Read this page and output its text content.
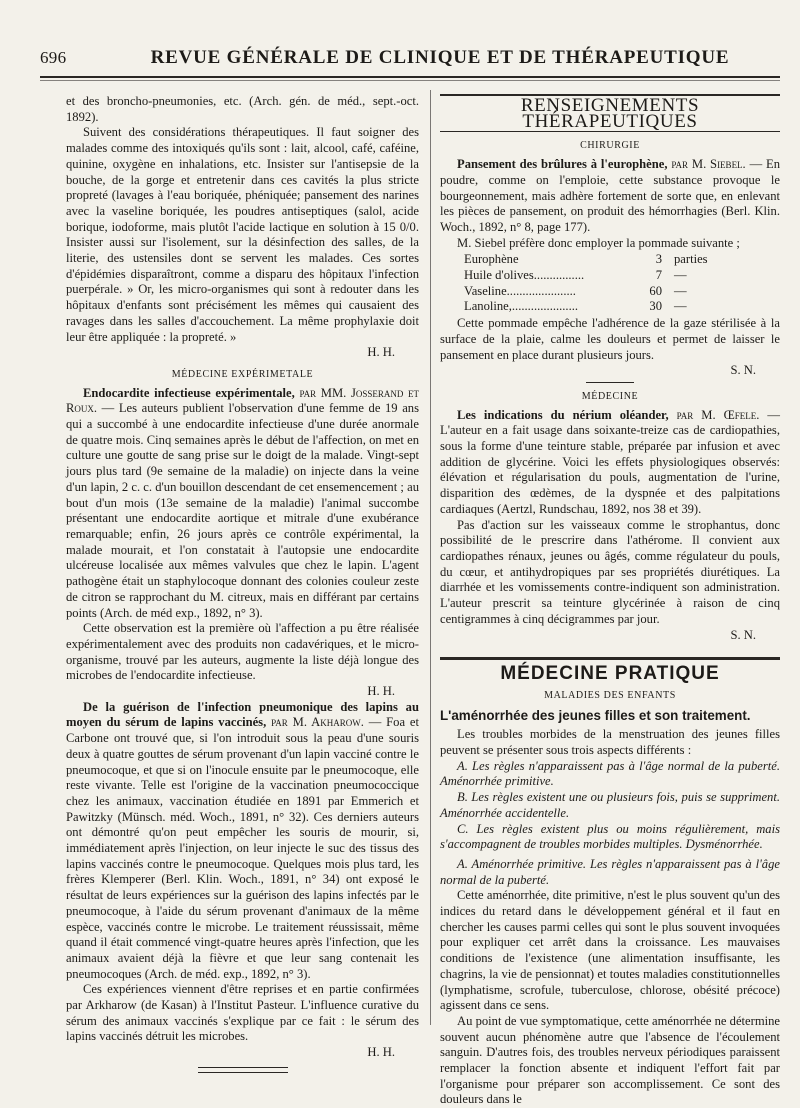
696	REVUE GÉNÉRALE DE CLINIQUE ET DE THÉRAPEUTIQUE

et des broncho-pneumonies, etc. (Arch. gén. de méd., sept.-oct. 1892).

Suivent des considérations thérapeutiques. Il faut soigner des malades comme des intoxiqués qu'ils sont : lait, alcool, café, caféine, quinine, oxygène en inhalations, etc. Insister sur l'antisepsie de la bouche, de la gorge et entretenir dans ces cavités la plus stricte propreté (lavages à l'eau boriquée, phéniquée; pansement des narines avec la vaseline boriquée, les poudres antiseptiques (salol, acide borique, iodoforme, mais plutôt l'acide lactique en solution à 15 0/0. Insister aussi sur l'isolement, sur la désinfection des salles, de la literie, des ustensiles dont se servent les malades. Ces sortes d'épidémies disparaîtront, comme a disparu des hôpitaux l'infection puerpérale. » Or, les micro-organismes qui sont à redouter dans les hôpitaux d'enfants sont précisément les mêmes qui causaient des ravages dans les salles d'accouchement. La même prophylaxie doit leur être appliquée : la propreté. »

H. H.

MÉDECINE EXPÉRIMETALE

Endocardite infectieuse expérimentale, par MM. Josserand et Roux. — Les auteurs publient l'observation d'une femme de 19 ans qui a succombé à une endocardite infectieuse d'une durée anormale de quatre mois. Cinq semaines après le début de l'affection, on met en culture une goutte de sang prise sur le doigt de la malade. Vingt-sept jours plus tard (9e semaine de la maladie) on injecte dans la veine d'un lapin, 2 c. c. d'un bouillon descendant de cet ensemencement ; au bout d'un mois (13e semaine de la maladie) l'animal succombe présentant une endocardite aortique et mitrale d'une exubérance remarquable; enfin, 26 jours après ce contrôle expérimental, la malade mourait, et l'on constatait à l'autopsie une endocardite ulcéreuse localisée aux mêmes valvules que chez le lapin. L'agent pathogène était un staphylocoque donnant des colonies couleur zeste de citron se rapprochant du M. citreux, mais en différant par certains points (Arch. de méd exp., 1892, n° 3).

Cette observation est la première où l'affection a pu être réalisée expérimentalement avec des produits non cadavériques, et le micro-organisme, trouvé par les auteurs, augmente la liste déjà longue des microbes de l'endocardite infectieuse.

H. H.

De la guérison de l'infection pneumonique des lapins au moyen du sérum de lapins vaccinés, par M. Akharow. — Foa et Carbone ont trouvé que, si l'on introduit sous la peau d'une souris deux à quatre gouttes de sérum provenant d'un lapin vacciné contre le pneumocoque, et que si on l'inocule ensuite par le pneumocoque, elle reste vivante. Telle est l'origine de la vaccination pneumococcique chez les animaux, vaccination étudiée en 1891 par Emmerich et Pawitzky (Münsch. méd. Woch., 1891, n° 32). Ces derniers auteurs ont démontré qu'on peut empêcher les souris de mourir, si, immédiatement après l'injection, on leur injecte le suc des tissus des lapins vaccinés contre le pneumocoque. Quelques mois plus tard, les frères Klemperer (Berl. Klin. Woch., 1891, n° 34) ont exposé le résultat de leurs expériences sur la guérison des lapins infectés par le pneumocoque, à l'aide du sérum provenant d'animaux de la même espèce, vaccinés contre le microbe. Le traitement réussissait, même quand il était commencé vingt-quatre heures après l'infection, que les animaux avaient déjà la fièvre et que leur sang contenait les pneumocoques (Arch. de méd. exp., 1892, n° 3).

Ces expériences viennent d'être reprises et en partie confirmées par Arkharow (de Kasan) à l'Institut Pasteur. L'influence curative du sérum des animaux vaccinés s'explique par ce fait : le sérum des lapins vaccinés détruit les microbes.

H. H.

RENSEIGNEMENTS THÉRAPEUTIQUES
CHIRURGIE

Pansement des brûlures à l'europhène, par M. Siebel. — En poudre, comme on l'emploie, cette substance provoque le bourgeonnement, mais adhère fortement de sorte que, en enlevant les pièces de pansement, on produit des hémorrhagies (Berl. Klin. Woch., 1892, n° 8, page 177).

M. Siebel préfère donc employer la pommade suivante ;

Europhène	3 parties
Huile d'olives................	7 —
Vaseline......................	60 —
Lanoline,.....................	30 —

Cette pommade empêche l'adhérence de la gaze stérilisée à la surface de la plaie, calme les douleurs et permet de laisser le pansement en place durant plusieurs jours.

S. N.

MÉDECINE

Les indications du nérium oléander, par M. Œfele. — L'auteur en a fait usage dans soixante-treize cas de cardiopathies, sous la forme d'une teinture stable, préparée par infusion et avec addition de glycérine. Voici les effets physiologiques observés: élévation et régularisation du pouls, augmentation de l'urine, disparition des œdèmes, de la dyspnée et des palpitations cardiaques (Aertzl, Rundschau, 1892, nos 38 et 39).

Pas d'action sur les vaisseaux comme le strophantus, donc possibilité de le prescrire dans l'athérome. Il convient aux cardiopathes rénaux, jeunes ou âgés, comme régulateur du pouls, du cœur, et antihydropiques par ses propriétés diurétiques. La diarrhée et les vomissements contre-indiquent son administration. L'auteur prescrit sa teinture glycérinée à raison de cinq centigrammes à cinq décigrammes par jour.

S. N.

MÉDECINE PRATIQUE
MALADIES DES ENFANTS
L'aménorrhée des jeunes filles et son traitement.

Les troubles morbides de la menstruation des jeunes filles peuvent se présenter sous trois aspects différents :

A. Les règles n'apparaissent pas à l'âge normal de la puberté. Aménorrhée primitive.

B. Les règles existent une ou plusieurs fois, puis se suppriment. Aménorrhée accidentelle.

C. Les règles existent plus ou moins régulièrement, mais s'accompagnent de troubles morbides multiples. Dysménorrhée.

A. Aménorrhée primitive. Les règles n'apparaissent pas à l'âge normal de la puberté.

Cette aménorrhée, dite primitive, n'est le plus souvent qu'un des indices du retard dans le développement général et il faut en chercher les causes parmi celles qui sont le plus souvent invoquées pour expliquer cet arrêt dans la croissance. Les mauvaises conditions de l'existence (une alimentation insuffisante, les chagrins, la vie de pensionnat) et toutes maladies constitutionnelles (lymphatisme, scrofule, tuberculose, chlorose, obésité précoce) agissent dans ce sens.

Au point de vue symptomatique, cette aménorrhée ne détermine souvent aucun phénomène autre que l'absence de l'écoulement sanguin. D'autres fois, des troubles nerveux périodiques paraissent remplacer la fonction absente et indiquent l'effort fait par l'organisme pour préparer son accomplissement. Ce sont des douleurs dans le
